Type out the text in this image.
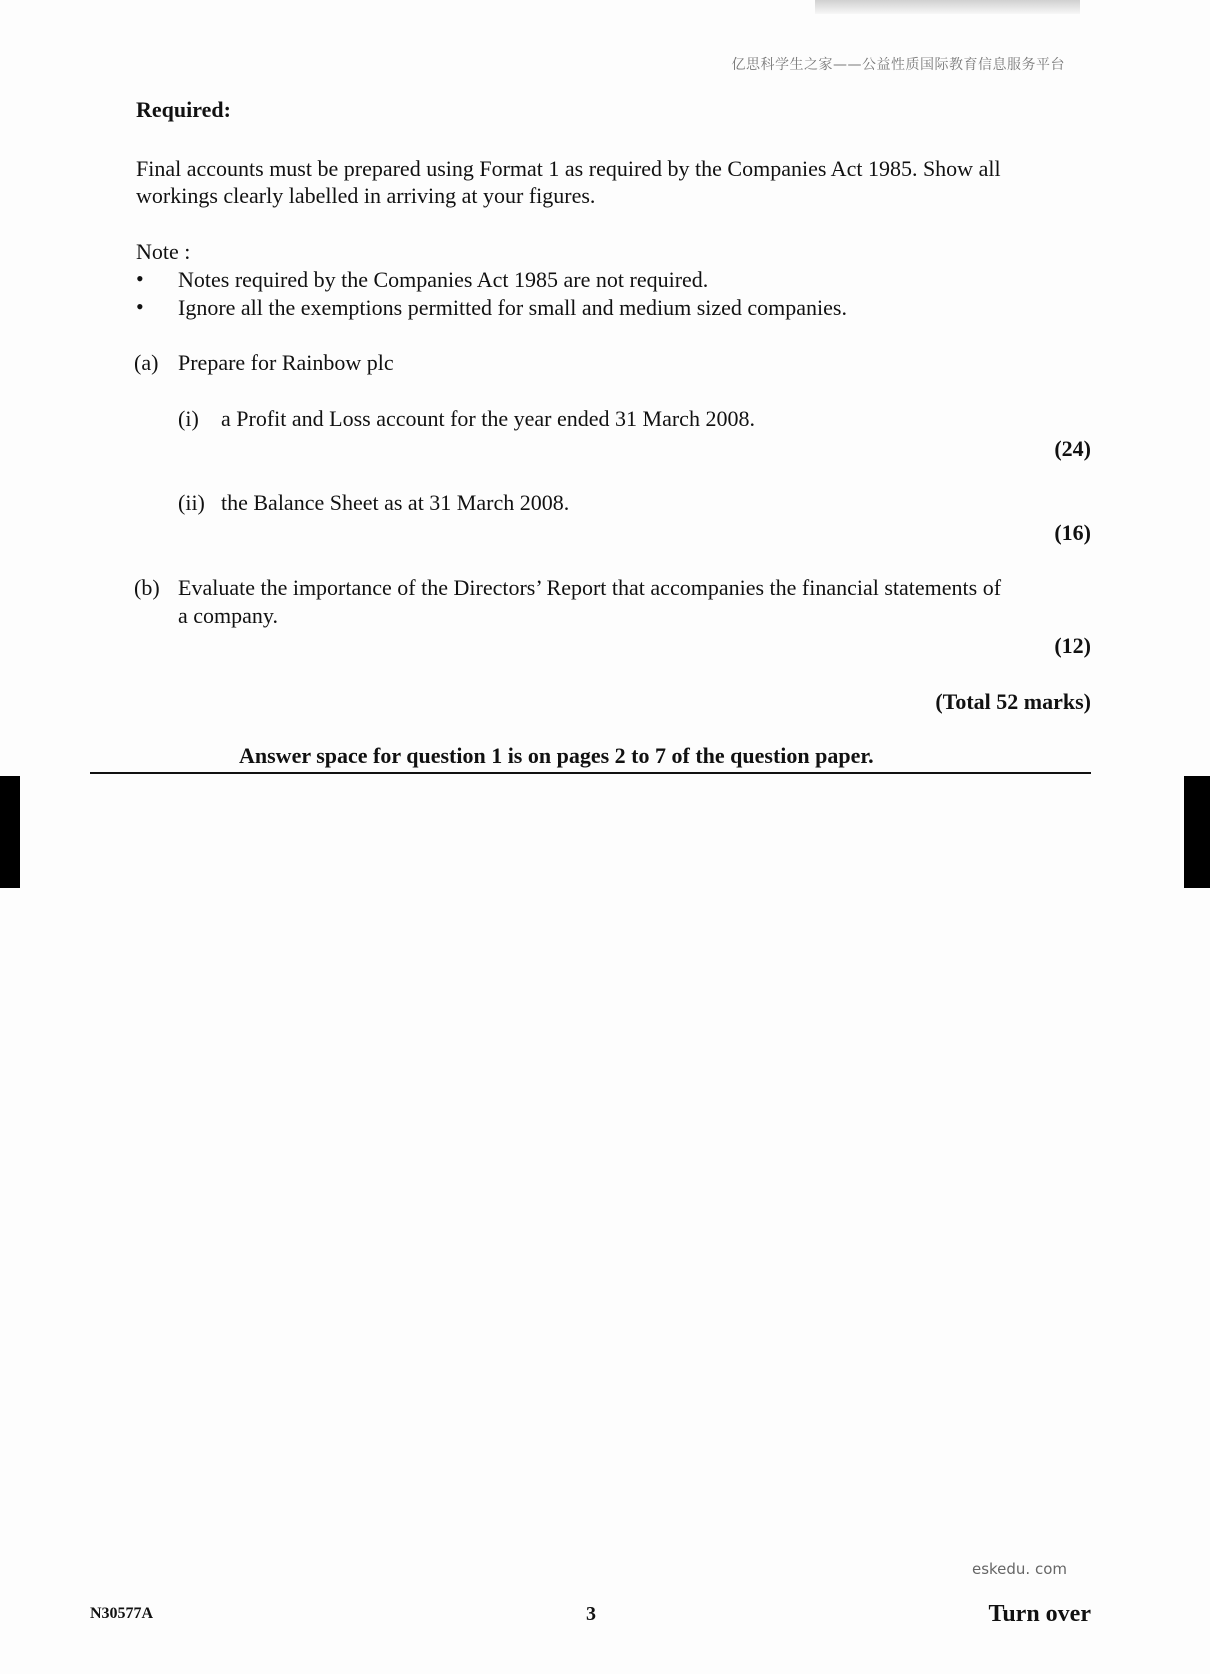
亿思科学生之家——公益性质国际教育信息服务平台
Required:
Final accounts must be prepared using Format 1 as required by the Companies Act 1985. Show all
workings clearly labelled in arriving at your figures.
Note :
• Notes required by the Companies Act 1985 are not required.
• Ignore all the exemptions permitted for small and medium sized companies.
(a) Prepare for Rainbow plc
(i) a Profit and Loss account for the year ended 31 March 2008.
(24)
(ii) the Balance Sheet as at 31 March 2008.
(16)
(b) Evaluate the importance of the Directors’ Report that accompanies the financial statements of
a company.
(12)
(Total 52 marks)
Answer space for question 1 is on pages 2 to 7 of the question paper.
eskedu. com
N30577A	3	Turn over
